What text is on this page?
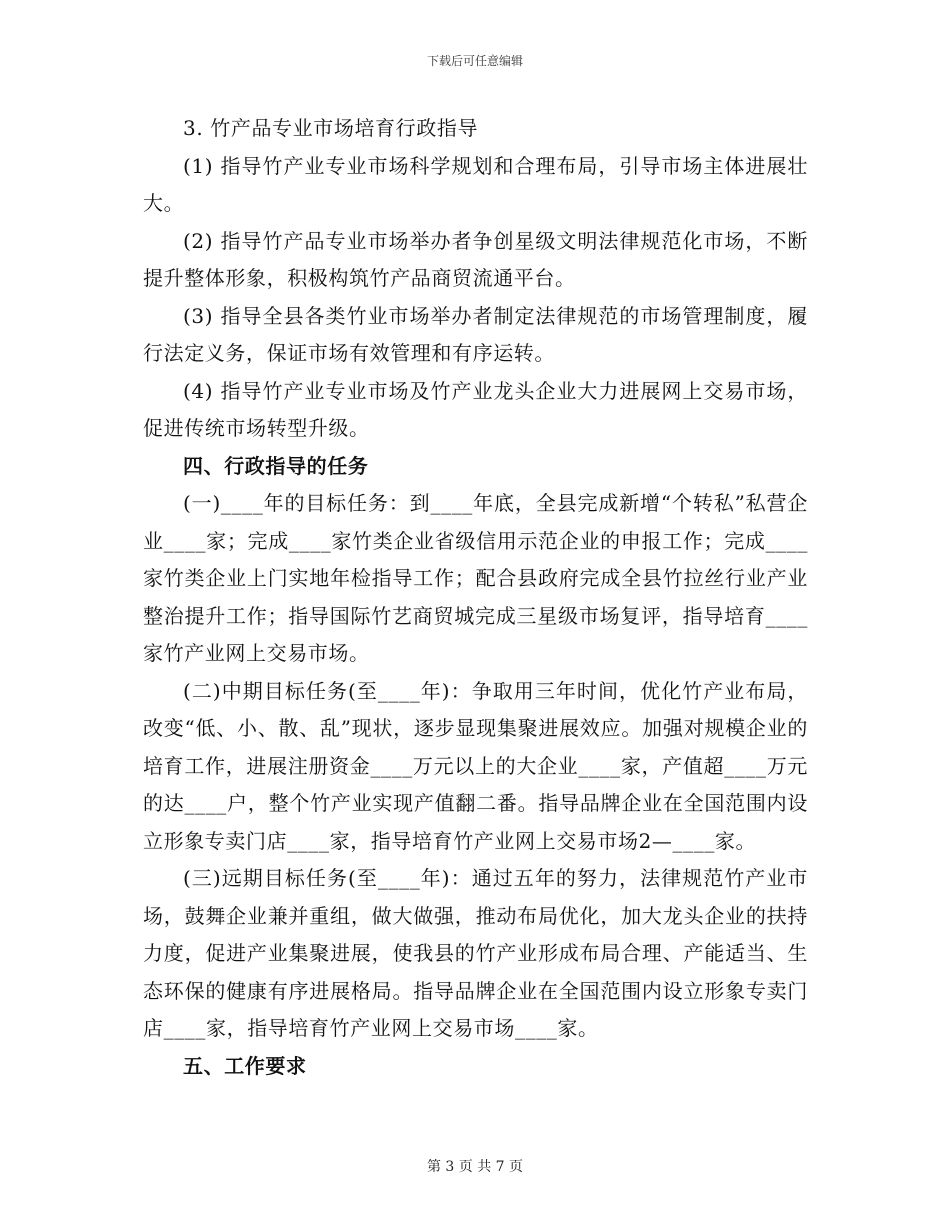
下载后可任意编辑

3. 竹产品专业市场培育行政指导

(1) 指导竹产业专业市场科学规划和合理布局，引导市场主体进展壮大。

(2) 指导竹产品专业市场举办者争创星级文明法律规范化市场，不断提升整体形象，积极构筑竹产品商贸流通平台。

(3) 指导全县各类竹业市场举办者制定法律规范的市场管理制度，履行法定义务，保证市场有效管理和有序运转。

(4) 指导竹产业专业市场及竹产业龙头企业大力进展网上交易市场，促进传统市场转型升级。

四、行政指导的任务

(一)____年的目标任务：到____年底，全县完成新增“个转私”私营企业____家；完成____家竹类企业省级信用示范企业的申报工作；完成____家竹类企业上门实地年检指导工作；配合县政府完成全县竹拉丝行业产业整治提升工作；指导国际竹艺商贸城完成三星级市场复评，指导培育____家竹产业网上交易市场。

(二)中期目标任务(至____年)：争取用三年时间，优化竹产业布局，改变“低、小、散、乱”现状，逐步显现集聚进展效应。加强对规模企业的培育工作，进展注册资金____万元以上的大企业____家，产值超____万元的达____户，整个竹产业实现产值翻二番。指导品牌企业在全国范围内设立形象专卖门店____家，指导培育竹产业网上交易市场2—____家。

(三)远期目标任务(至____年)：通过五年的努力，法律规范竹产业市场，鼓舞企业兼并重组，做大做强，推动布局优化，加大龙头企业的扶持力度，促进产业集聚进展，使我县的竹产业形成布局合理、产能适当、生态环保的健康有序进展格局。指导品牌企业在全国范围内设立形象专卖门店____家，指导培育竹产业网上交易市场____家。

五、工作要求

第 3 页 共 7 页
